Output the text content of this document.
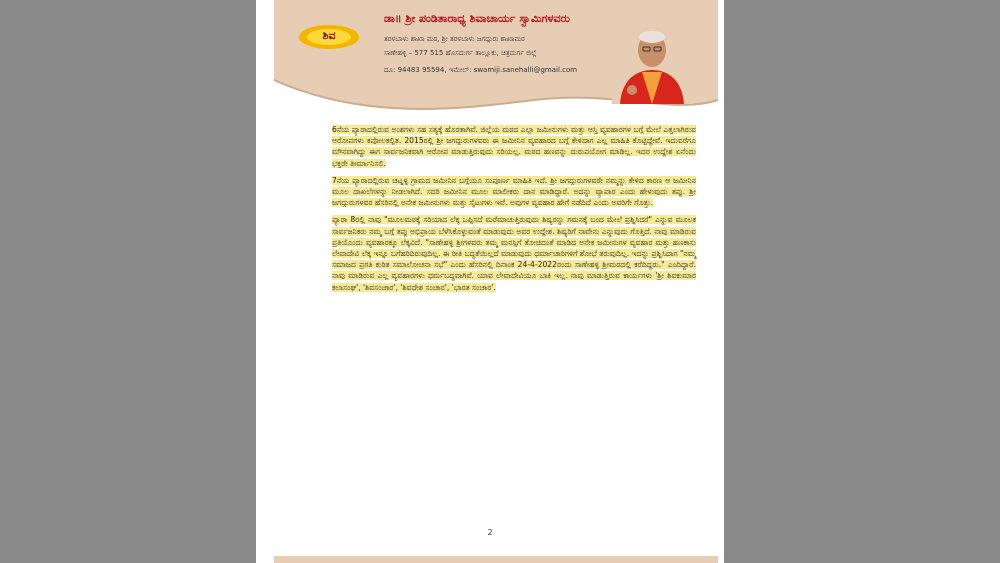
ಶಿವ
ಡಾ॥ ಶ್ರೀ ಪಂಡಿತಾರಾಧ್ಯ ಶಿವಾಚಾರ್ಯ ಸ್ವಾಮಿಗಳವರು
ತರಳಬಾಳು ಶಾಖಾ ಮಠ, ಶ್ರೀ ತರಳಬಾಳು ಜಗದ್ಗುರು ಶಾಖಾಮಠ
ಸಾಣೇಹಳ್ಳಿ – 577 515 ಹೊಸದುರ್ಗ ತಾಲ್ಲೂಕು, ಚಿತ್ರದುರ್ಗ ಜಿಲ್ಲೆ
ದೂ: 94483 95594, ಇಮೇಲ್: swamiji.sanehalli@gmail.com

6ನೆಯ ಪ್ಯಾರಾದಲ್ಲಿರುವ ಅಂಶಗಳು ಸಹ ಸತ್ಯಕ್ಕೆ ಹೊರತಾಗಿವೆ. ಜಿಲ್ಲೆಯ ಮಠದ ಎಲ್ಲಾ ಜಮೀನುಗಳು ಮತ್ತು ಆಸ್ತಿ ವ್ಯವಹಾರಗಳ ಬಗ್ಗೆ ಮೇಲೆ ಎತ್ತಲಾಗಿರುವ ಆರೋಪಗಳು ಕಪೋಲಕಲ್ಪಿತ. 2015ರಲ್ಲಿ ಶ್ರೀ ಜಗದ್ಗುರುಗಳವರು ಈ ಜಮೀನಿನ ವ್ಯವಹಾರದ ಬಗ್ಗೆ ಕೇಳಿದಾಗ ಎಲ್ಲ ಮಾಹಿತಿ ಕೊಟ್ಟಿದ್ದೇವೆ. ಇದುವರೆಗೂ ಮೌನವಾಗಿದ್ದು ಈಗ ಸಾರ್ವಜನಿಕವಾಗಿ ಆರೋಪ ಮಾಡುತ್ತಿರುವುದು ಸರಿಯಲ್ಲ. ಮಠದ ಹಣವನ್ನು ದುರುಪಯೋಗ ಮಾಡಿಲ್ಲ. ಇದರ ಉದ್ದೇಶ ಏನೆಂದು ಭಕ್ತರೇ ತೀರ್ಮಾನಿಸಲಿ.

7ನೆಯ ಪ್ಯಾರಾದಲ್ಲಿರುವ ಚಟ್ನಳ್ಳಿ ಗ್ರಾಮದ ಜಮೀನಿನ ಬಗ್ಗೆಯೂ ಸಂಪೂರ್ಣ ಮಾಹಿತಿ ಇದೆ. ಶ್ರೀ ಜಗದ್ಗುರುಗಳವರೇ ನಮ್ಮನ್ನು ಕೇಳಿದ ಕಾರಣ ಆ ಜಮೀನಿನ ಮೂಲ ದಾಖಲೆಗಳನ್ನು ನೀಡಲಾಗಿದೆ. ಸದರಿ ಜಮೀನಿನ ಮೂಲ ಮಾಲೀಕರು ದಾನ ಮಾಡಿದ್ದಾರೆ. ಅದನ್ನು ವ್ಯಾಪಾರ ಎಂದು ಹೇಳುವುದು ತಪ್ಪು. ಶ್ರೀ ಜಗದ್ಗುರುಗಳವರ ಹೆಸರಿನಲ್ಲಿ ಅನೇಕ ಜಮೀನುಗಳು ಮತ್ತು ಸೈಟುಗಳು ಇವೆ. ಅವುಗಳ ವ್ಯವಹಾರ ಹೇಗೆ ನಡೆದಿದೆ ಎಂದು ಅವರಿಗೇ ಗೊತ್ತು.

ಪ್ಯಾರಾ 8ರಲ್ಲಿ ನಾವು "ಮೂಲಮಠಕ್ಕೆ ಸರಿಯಾದ ಲೆಕ್ಕ ಒಪ್ಪಿಸದೆ ಮರೆಮಾಚುತ್ತಿರುವುದು ಶಿಷ್ಯರನ್ನು ಗಮನಕ್ಕೆ ಬಂದ ಮೇಲೆ ಪ್ರಶ್ನಿಸಿದರೆ" ಎನ್ನುವ ಮೂಲಕ ಸಾರ್ವಜನಿಕರು ನಮ್ಮ ಬಗ್ಗೆ ತಪ್ಪು ಅಭಿಪ್ರಾಯ ಬೆಳೆಸಿಕೊಳ್ಳುವಂತೆ ಮಾಡುವುದು ಅವರ ಉದ್ದೇಶ. ಶಿಷ್ಯರಿಗೆ ನಾವೇನು ಎನ್ನುವುದು ಗೊತ್ತಿದೆ. ನಾವು ಮಾಡಿರುವ ಪ್ರತಿಯೊಂದು ವ್ಯವಹಾರಕ್ಕೂ ಲೆಕ್ಕವಿದೆ. "ಸಾಣೇಹಳ್ಳಿ ಶ್ರೀಗಳವರು ತಮ್ಮ ಮನಸ್ಸಿಗೆ ತೋಚಿದಂತೆ ಮಾಡಿದ ಅನೇಕ ಜಮೀನುಗಳ ವ್ಯವಹಾರ ಮತ್ತು ಹಣಕಾಸು ಲೇವಾದೇವಿ ಲೆಕ್ಕ ಇನ್ನೂ ಬಗೆಹರಿದಿರುವುದಿಲ್ಲ. ಈ ರೀತಿ ಬದ್ಧತೆಯಿಲ್ಲದೆ ಮಾಡುವುದು ಧರ್ಮಾಚಾರಿಗಳಿಗೆ ಶೋಭೆ ತರುವುದಿಲ್ಲ. ಇದನ್ನು ಪ್ರಶ್ನಿಸಿದಾಗ "ನಮ್ಮ ಸಮಾಜದ ಪ್ರಗತಿ ಕುರಿತ ಸಮಾಲೋಚನಾ ಸಭೆ" ಎಂದು ಹೆಸರಿನಲ್ಲಿ ದಿನಾಂಕ 24-4-2022ರಂದು ಸಾಣೇಹಳ್ಳಿ ಶ್ರೀಮಠದಲ್ಲಿ ಕರೆದಿದ್ದರು." ಎಂದಿದ್ದಾರೆ. ನಾವು ಮಾಡಿರುವ ಎಲ್ಲ ವ್ಯವಹಾರಗಳು ಧರ್ಮಬದ್ಧವಾಗಿವೆ. ಯಾವ ಲೇವಾದೇವಿಯೂ ಬಾಕಿ ಇಲ್ಲ. ನಾವು ಮಾಡುತ್ತಿರುವ ಕಾರ್ಯಗಳು 'ಶ್ರೀ ಶಿವಕುಮಾರ ಕಲಾಸಂಘ', 'ಶಿವಸಂಚಾರ', 'ಶಿವದೇಶ ಸಂಚಾರ', 'ಭಾರತ ಸಂಚಾರ'.

2
